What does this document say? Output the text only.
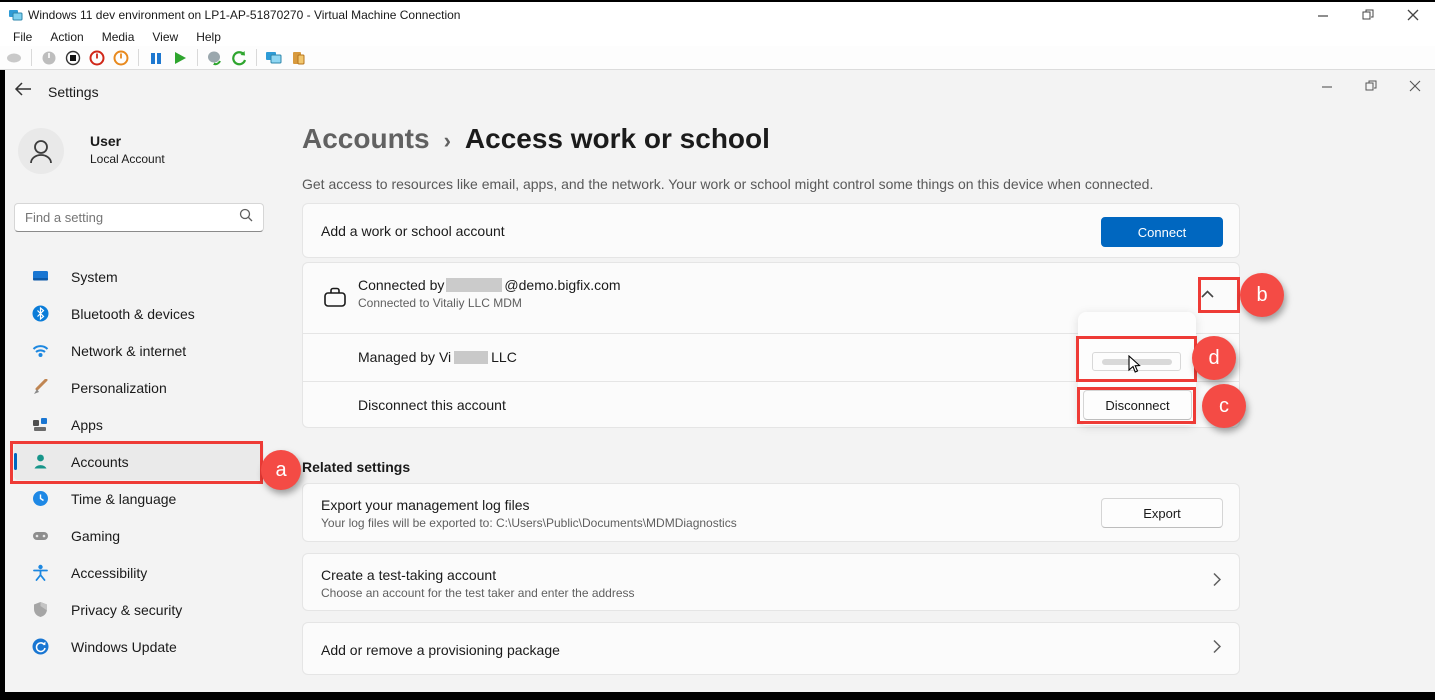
Windows 11 dev environment on LP1-AP-51870270 - Virtual Machine Connection
File	Action	Media	View	Help
Settings
User
Local Account
Find a setting
System
Bluetooth & devices
Network & internet
Personalization
Apps
Accounts
Time & language
Gaming
Accessibility
Privacy & security
Windows Update
Accounts › Access work or school
Get access to resources like email, apps, and the network. Your work or school might control some things on this device when connected.
Add a work or school account	Connect
Connected by	@demo.bigfix.com
Connected to Vitaliy LLC MDM
Managed by Vi	LLC
Disconnect this account	Disconnect
Related settings
Export your management log files
Your log files will be exported to: C:\Users\Public\Documents\MDMDiagnostics
Export
Create a test-taking account
Choose an account for the test taker and enter the address
Add or remove a provisioning package
a
b
d
c
